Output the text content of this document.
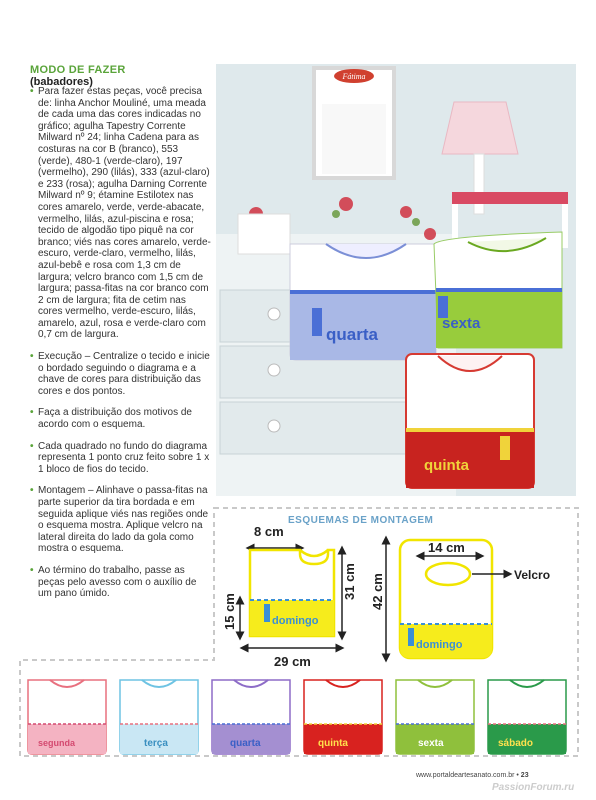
MODO DE FAZER
(babadores)

• Para fazer estas peças, você precisa de: linha Anchor Mouliné, uma meada de cada uma das cores indicadas no gráfico; agulha Tapestry Corrente Milward nº 24; linha Cadena para as costuras na cor B (branco), 553 (verde), 480-1 (verde-claro), 197 (vermelho), 290 (lilás), 333 (azul-claro) e 233 (rosa); agulha Darning Corrente Milward nº 9; étamine Estilotex nas cores amarelo, verde, verde-abacate, vermelho, lilás, azul-piscina e rosa; tecido de algodão tipo piquê na cor branco; viés nas cores amarelo, verde-escuro, verde-claro, vermelho, lilás, azul-bebê e rosa com 1,3 cm de largura; velcro branco com 1,5 cm de largura; passa-fitas na cor branco com 2 cm de largura; fita de cetim nas cores vermelho, verde-escuro, lilás, amarelo, azul, rosa e verde-claro com 0,7 cm de largura.

• Execução – Centralize o tecido e inicie o bordado seguindo o diagrama e a chave de cores para distribuição das cores e dos pontos.

• Faça a distribuição dos motivos de acordo com o esquema.

• Cada quadrado no fundo do diagrama representa 1 ponto cruz feito sobre 1 x 1 bloco de fios do tecido.

• Montagem – Alinhave o passa-fitas na parte superior da tira bordada e em seguida aplique viés nas regiões onde o esquema mostra. Aplique velcro na lateral direita do lado da gola como mostra o esquema.

• Ao término do trabalho, passe as peças pelo avesso com o auxílio de um pano úmido.

Fátima
quarta
sexta
quinta
ESQUEMAS DE MONTAGEM
8 cm
domingo
31 cm
15 cm
29 cm
42 cm
14 cm
Velcro
domingo
segunda	terça	quarta	quinta	sexta	sábado
www.portaldeartesanato.com.br • 23
PassionForum.ru
